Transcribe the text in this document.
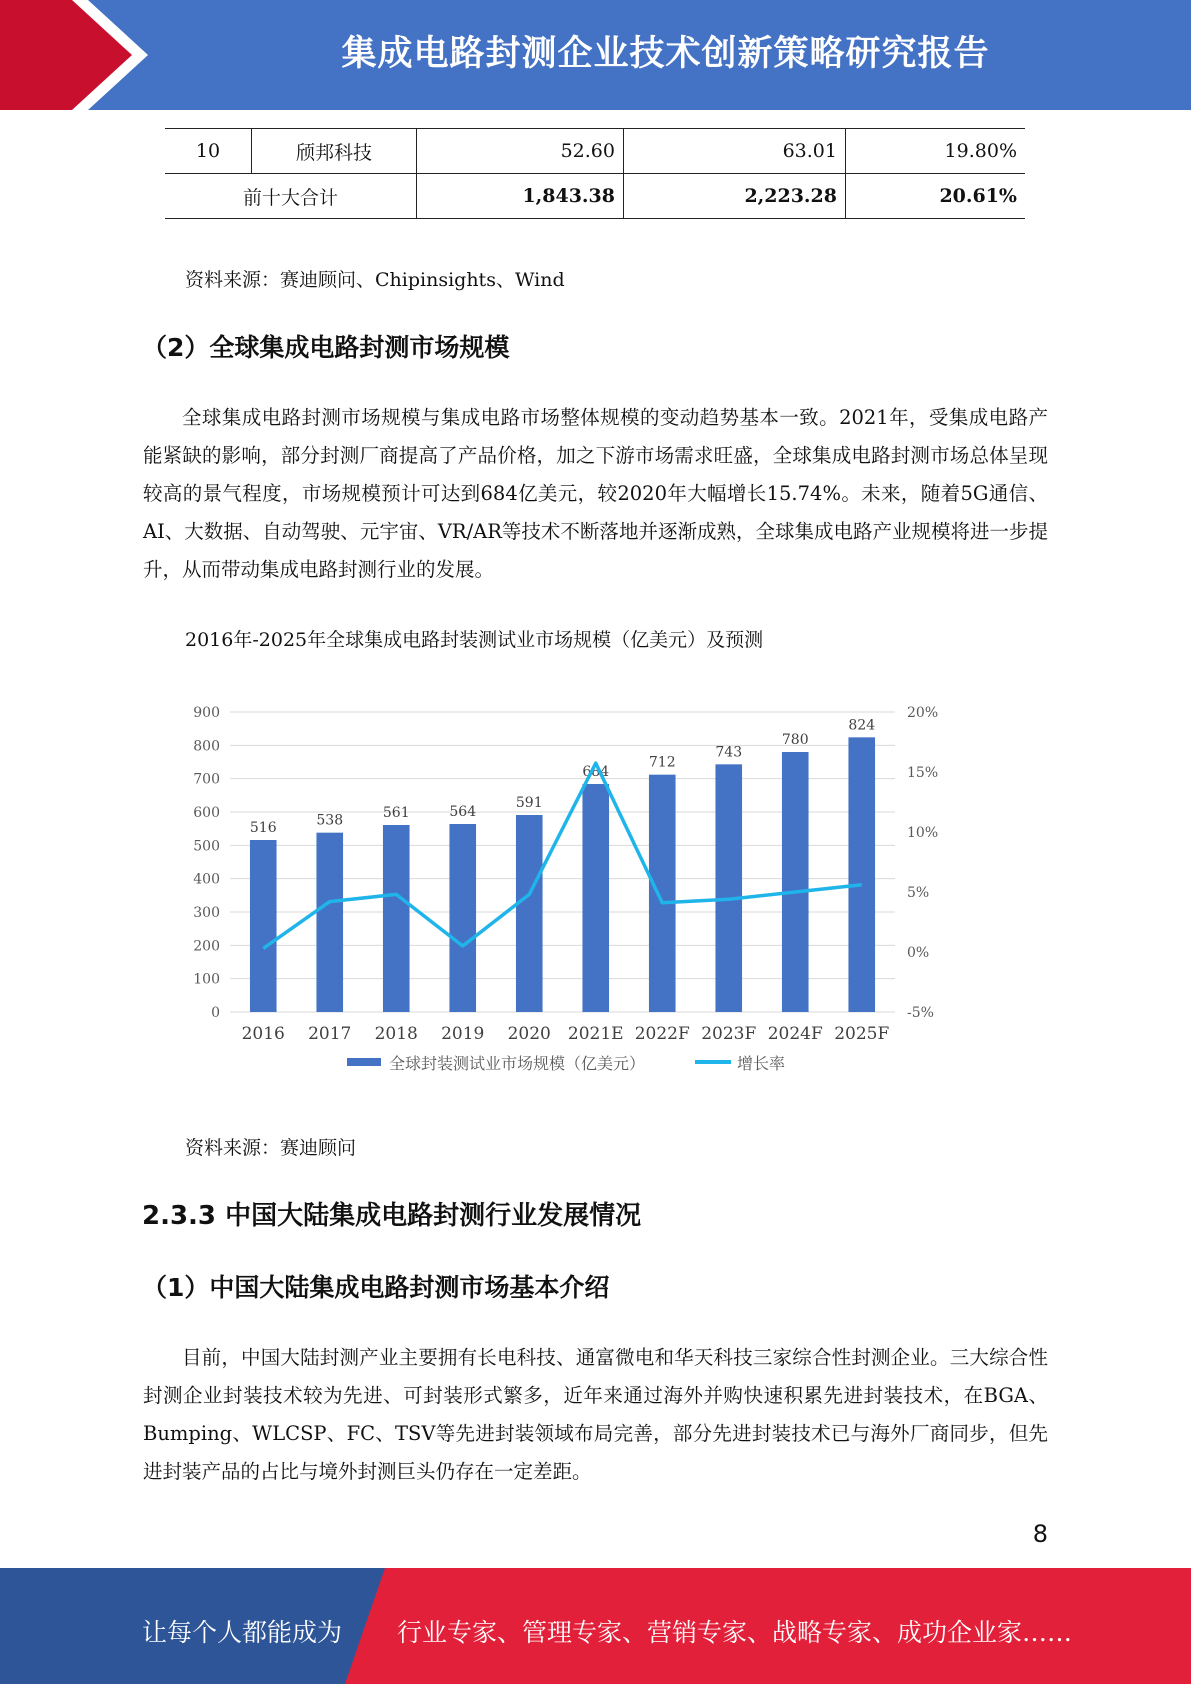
集成电路封测企业技术创新策略研究报告
10	颀邦科技	52.60	63.01	19.80%
前十大合计		1,843.38	2,223.28	20.61%
资料来源：赛迪顾问、Chipinsights、Wind
（2）全球集成电路封测市场规模
全球集成电路封测市场规模与集成电路市场整体规模的变动趋势基本一致。2021年，受集成电路产能紧缺的影响，部分封测厂商提高了产品价格，加之下游市场需求旺盛，全球集成电路封测市场总体呈现较高的景气程度，市场规模预计可达到684亿美元，较2020年大幅增长15.74%。未来，随着5G通信、AI、大数据、自动驾驶、元宇宙、VR/AR等技术不断落地并逐渐成熟，全球集成电路产业规模将进一步提升，从而带动集成电路封测行业的发展。
2016年-2025年全球集成电路封装测试业市场规模（亿美元）及预测
0
100
200
300
400
500
600
700
800
900
-5%
0%
5%
10%
15%
20%
516
2016
538
2017
561
2018
564
2019
591
2020
684
2021E
712
2022F
743
2023F
780
2024F
824
2025F
全球封装测试业市场规模（亿美元）	增长率
资料来源：赛迪顾问
2.3.3 中国大陆集成电路封测行业发展情况
（1）中国大陆集成电路封测市场基本介绍
目前，中国大陆封测产业主要拥有长电科技、通富微电和华天科技三家综合性封测企业。三大综合性封测企业封装技术较为先进、可封装形式繁多，近年来通过海外并购快速积累先进封装技术，在BGA、Bumping、WLCSP、FC、TSV等先进封装领域布局完善，部分先进封装技术已与海外厂商同步，但先进封装产品的占比与境外封测巨头仍存在一定差距。
8
让每个人都能成为 行业专家、管理专家、营销专家、战略专家、成功企业家……
